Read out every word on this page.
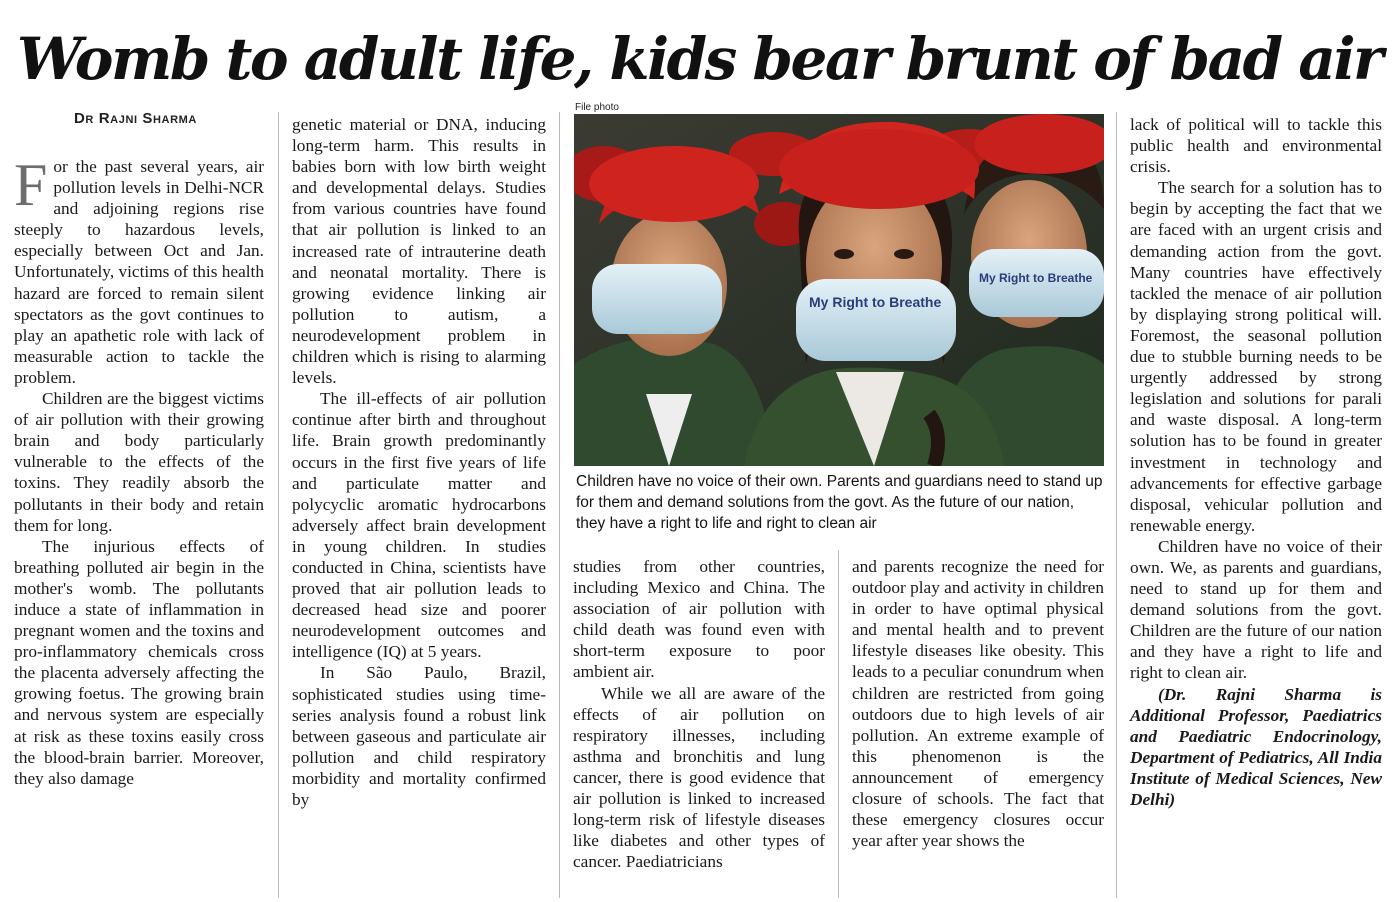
Womb to adult life, kids bear brunt of bad air
Dr Rajni Sharma

For the past several years, air pollution levels in Delhi-NCR and adjoining regions rise steeply to hazardous levels, especially between Oct and Jan. Unfortunately, victims of this health hazard are forced to remain silent spectators as the govt continues to play an apathetic role with lack of measurable action to tackle the problem.

Children are the biggest victims of air pollution with their growing brain and body particularly vulnerable to the effects of the toxins. They readily absorb the pollutants in their body and retain them for long.

The injurious effects of breathing polluted air begin in the mother's womb. The pollutants induce a state of inflammation in pregnant women and the toxins and pro-inflammatory chemicals cross the placenta adversely affecting the growing foetus. The growing brain and nervous system are especially at risk as these toxins easily cross the blood-brain barrier. Moreover, they also damage

genetic material or DNA, inducing long-term harm. This results in babies born with low birth weight and developmental delays. Studies from various countries have found that air pollution is linked to an increased rate of intrauterine death and neonatal mortality. There is growing evidence linking air pollution to autism, a neurodevelopment problem in children which is rising to alarming levels.

The ill-effects of air pollution continue after birth and throughout life. Brain growth predominantly occurs in the first five years of life and particulate matter and polycyclic aromatic hydrocarbons adversely affect brain development in young children. In studies conducted in China, scientists have proved that air pollution leads to decreased head size and poorer neurodevelopment outcomes and intelligence (IQ) at 5 years.

In São Paulo, Brazil, sophisticated studies using time-series analysis found a robust link between gaseous and particulate air pollution and child respiratory morbidity and mortality confirmed by

File photo
My Right to Breathe
My Right to Breathe

Children have no voice of their own. Parents and guardians need to stand up for them and demand solutions from the govt. As the future of our nation, they have a right to life and right to clean air

studies from other countries, including Mexico and China. The association of air pollution with child death was found even with short-term exposure to poor ambient air.

While we all are aware of the effects of air pollution on respiratory illnesses, including asthma and bronchitis and lung cancer, there is good evidence that air pollution is linked to increased long-term risk of lifestyle diseases like diabetes and other types of cancer. Paediatricians

and parents recognize the need for outdoor play and activity in children in order to have optimal physical and mental health and to prevent lifestyle diseases like obesity. This leads to a peculiar conundrum when children are restricted from going outdoors due to high levels of air pollution. An extreme example of this phenomenon is the announcement of emergency closure of schools. The fact that these emergency closures occur year after year shows the

lack of political will to tackle this public health and environmental crisis.

The search for a solution has to begin by accepting the fact that we are faced with an urgent crisis and demanding action from the govt. Many countries have effectively tackled the menace of air pollution by displaying strong political will. Foremost, the seasonal pollution due to stubble burning needs to be urgently addressed by strong legislation and solutions for parali and waste disposal. A long-term solution has to be found in greater investment in technology and advancements for effective garbage disposal, vehicular pollution and renewable energy.

Children have no voice of their own. We, as parents and guardians, need to stand up for them and demand solutions from the govt. Children are the future of our nation and they have a right to life and right to clean air.

(Dr. Rajni Sharma is Additional Professor, Paediatrics and Paediatric Endocrinology, Department of Pediatrics, All India Institute of Medical Sciences, New Delhi)
